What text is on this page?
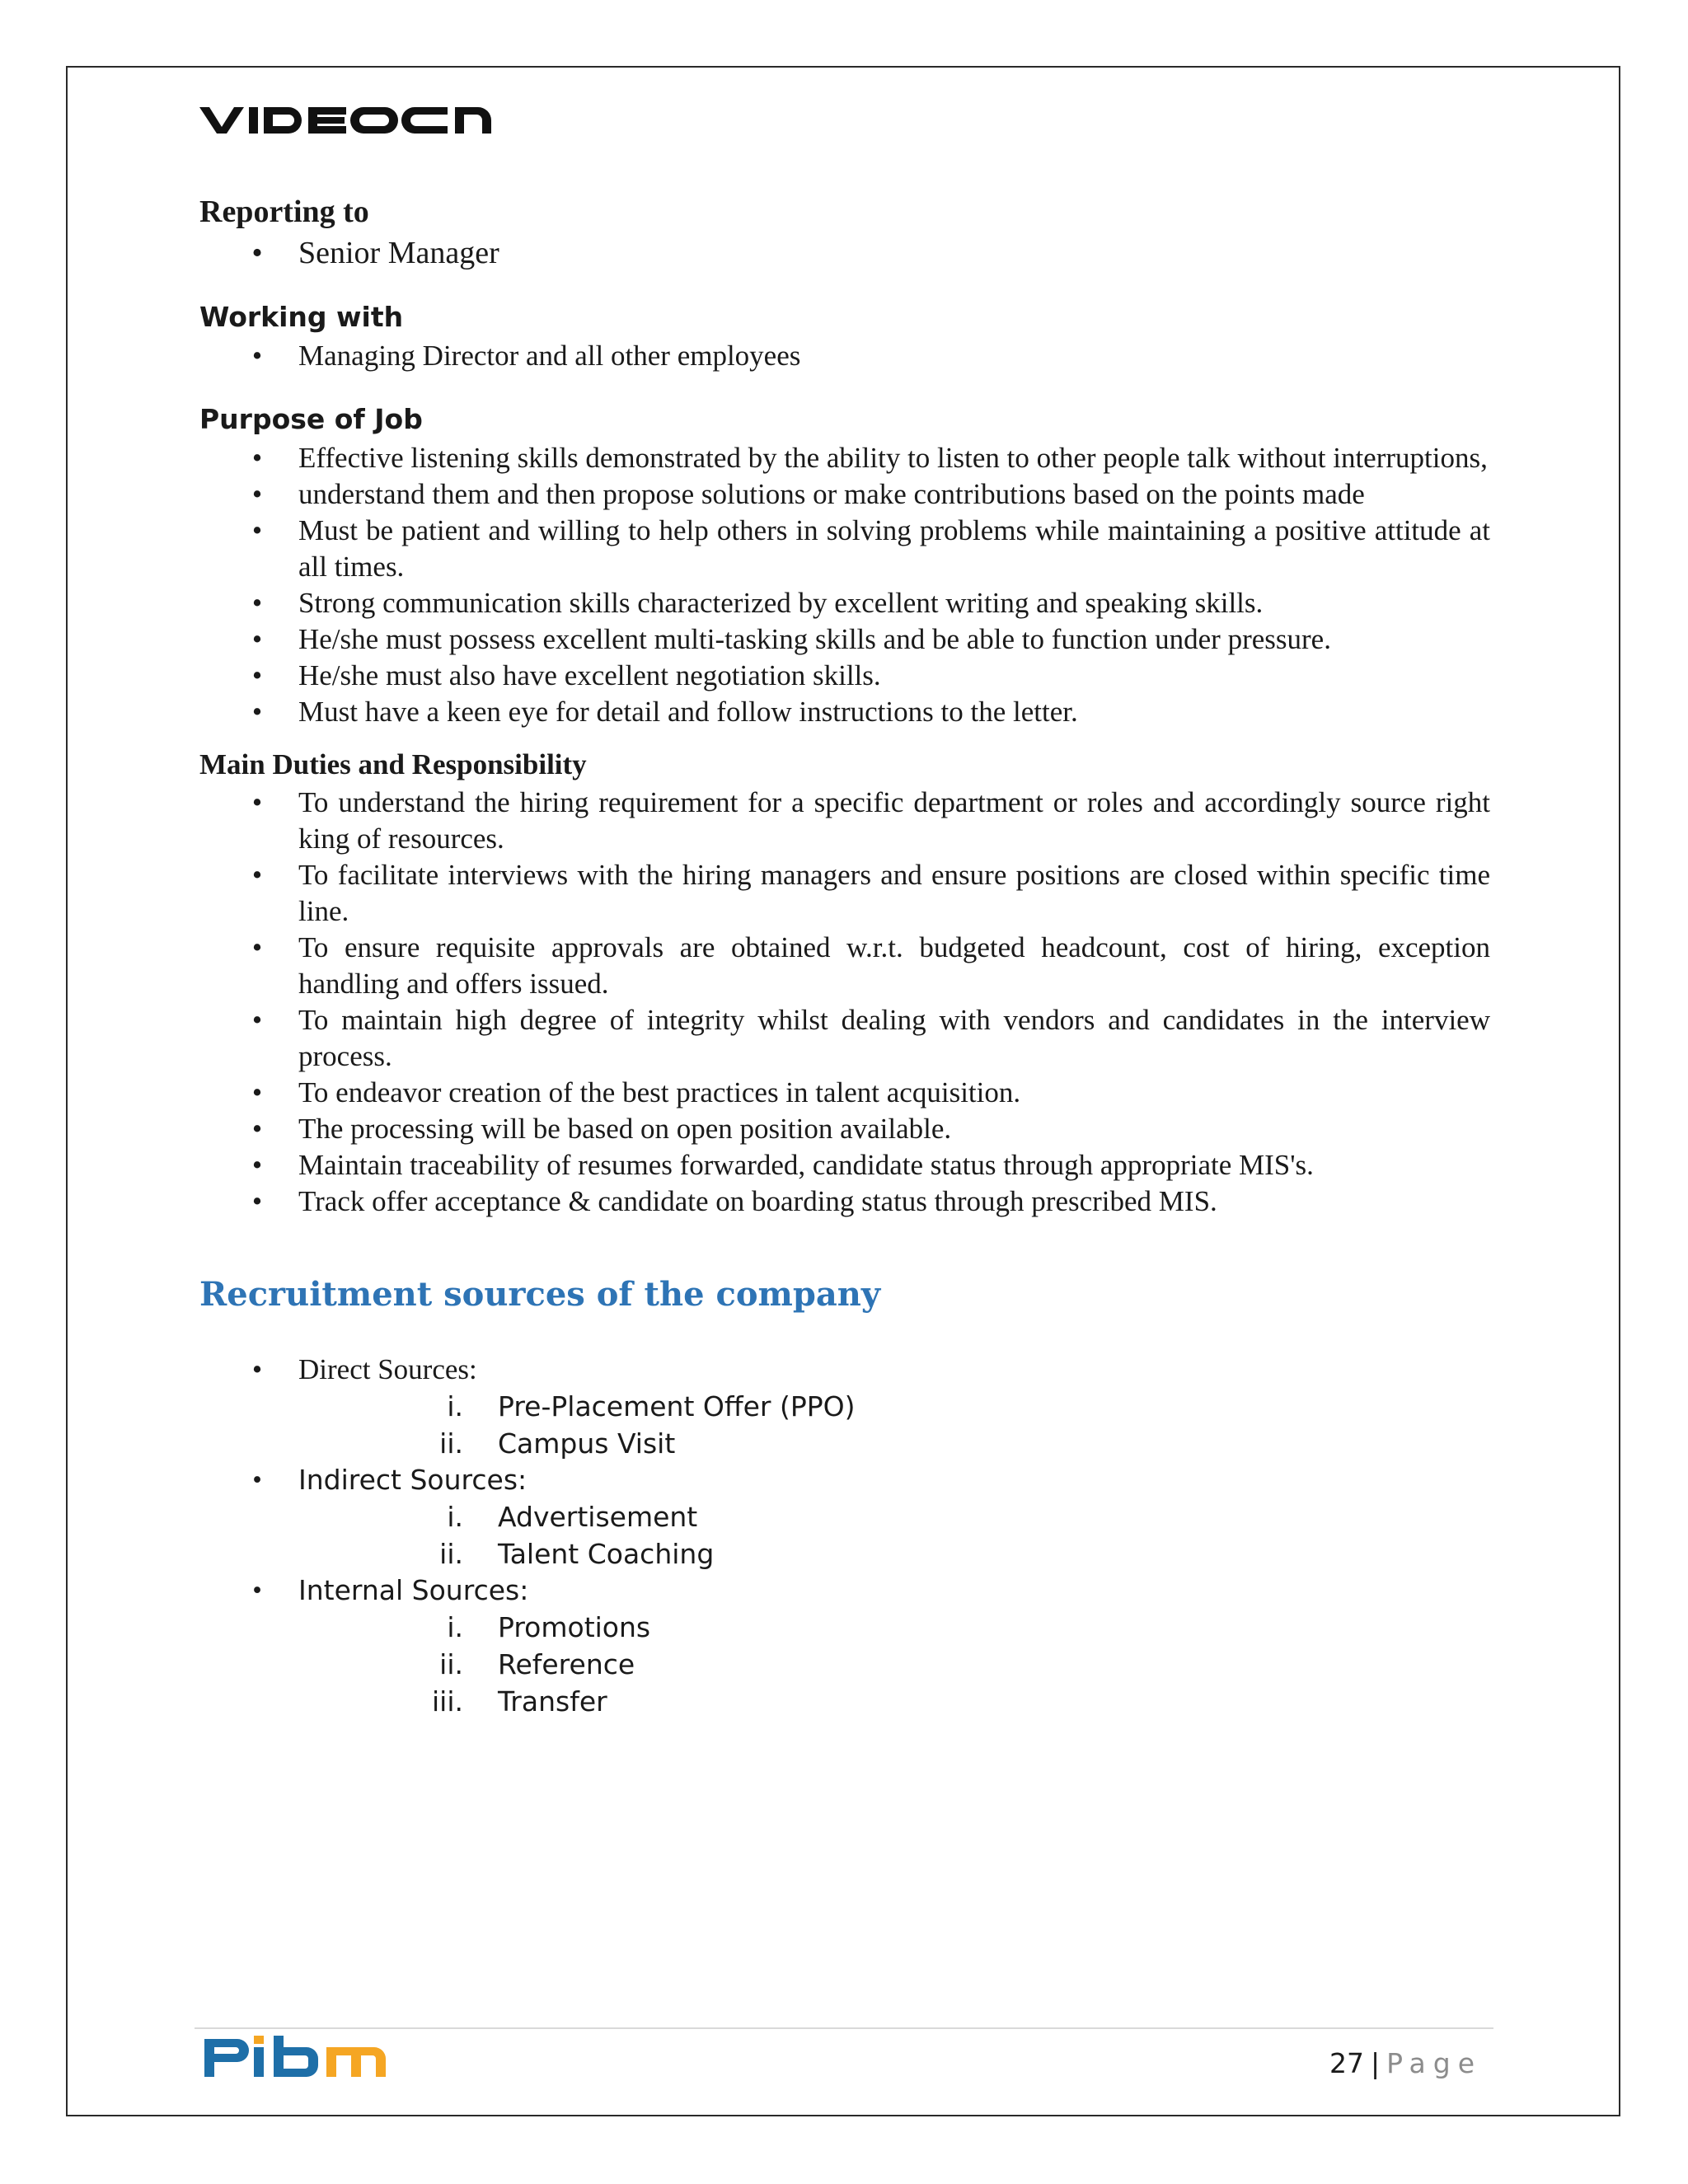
Reporting to
• Senior Manager
Working with
• Managing Director and all other employees
Purpose of Job
• Effective listening skills demonstrated by the ability to listen to other people talk without interruptions,
• understand them and then propose solutions or make contributions based on the points made
• Must be patient and willing to help others in solving problems while maintaining a positive attitude at all times.
• Strong communication skills characterized by excellent writing and speaking skills.
• He/she must possess excellent multi-tasking skills and be able to function under pressure.
• He/she must also have excellent negotiation skills.
• Must have a keen eye for detail and follow instructions to the letter.
Main Duties and Responsibility
• To understand the hiring requirement for a specific department or roles and accordingly source right king of resources.
• To facilitate interviews with the hiring managers and ensure positions are closed within specific time line.
• To ensure requisite approvals are obtained w.r.t. budgeted headcount, cost of hiring, exception handling and offers issued.
• To maintain high degree of integrity whilst dealing with vendors and candidates in the interview process.
• To endeavor creation of the best practices in talent acquisition.
• The processing will be based on open position available.
• Maintain traceability of resumes forwarded, candidate status through appropriate MIS's.
• Track offer acceptance & candidate on boarding status through prescribed MIS.
Recruitment sources of the company
• Direct Sources:
i. Pre-Placement Offer (PPO)
ii. Campus Visit
• Indirect Sources:
i. Advertisement
ii. Talent Coaching
• Internal Sources:
i. Promotions
ii. Reference
iii. Transfer
27 | Page
